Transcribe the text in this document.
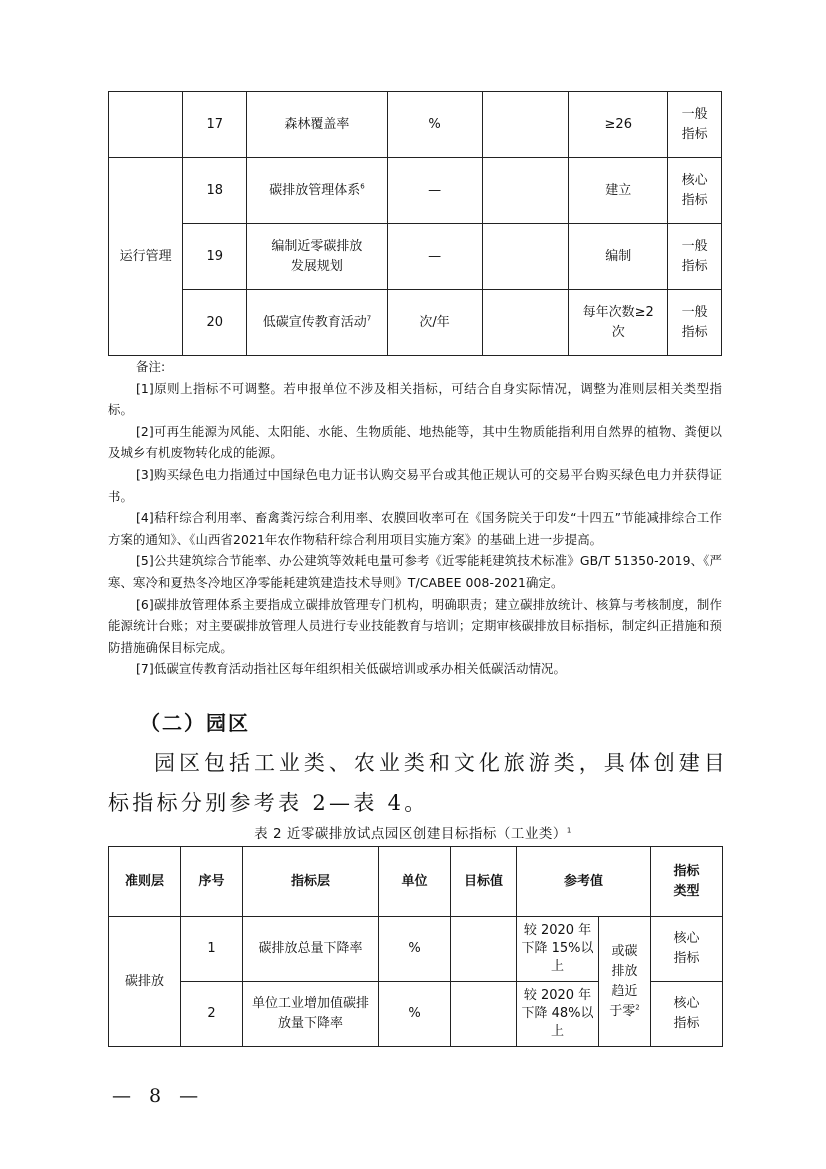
	17	森林覆盖率	%		≥26	一般
指标
运行管理	18	碳排放管理体系$^6$	—		建立	核心
指标
	19	编制近零碳排放
发展规划	—		编制	一般
指标
	20	低碳宣传教育活动$^7$	次/年		每年次数≥2
次	一般
指标

备注:

[1]原则上指标不可调整。若申报单位不涉及相关指标，可结合自身实际情况，调整为准则层相关类型指标。

[2]可再生能源为风能、太阳能、水能、生物质能、地热能等，其中生物质能指利用自然界的植物、粪便以及城乡有机废物转化成的能源。

[3]购买绿色电力指通过中国绿色电力证书认购交易平台或其他正规认可的交易平台购买绿色电力并获得证书。

[4]秸秆综合利用率、畜禽粪污综合利用率、农膜回收率可在《国务院关于印发“十四五”节能减排综合工作方案的通知》、《山西省2021年农作物秸秆综合利用项目实施方案》的基础上进一步提高。

[5]公共建筑综合节能率、办公建筑等效耗电量可参考《近零能耗建筑技术标准》GB/T 51350-2019、《严寒、寒冷和夏热冬冷地区净零能耗建筑建造技术导则》T/CABEE 008-2021确定。

[6]碳排放管理体系主要指成立碳排放管理专门机构，明确职责；建立碳排放统计、核算与考核制度，制作能源统计台账；对主要碳排放管理人员进行专业技能教育与培训；定期审核碳排放目标指标，制定纠正措施和预防措施确保目标完成。

[7]低碳宣传教育活动指社区每年组织相关低碳培训或承办相关低碳活动情况。

（二）园区
园区包括工业类、农业类和文化旅游类，具体创建目标指标分别参考表 2—表 4。
表 2 近零碳排放试点园区创建目标指标（工业类）$^1$
准则层	序号	指标层	单位	目标值	参考值		指标
类型
碳排放	1	碳排放总量下降率	%		较 2020 年
下降 15%以
上	或碳
排放
趋近
于零$^2$	核心
指标
	2	单位工业增加值碳排
放量下降率	%		较 2020 年
下降 48%以
上		核心
指标
— 8 —
